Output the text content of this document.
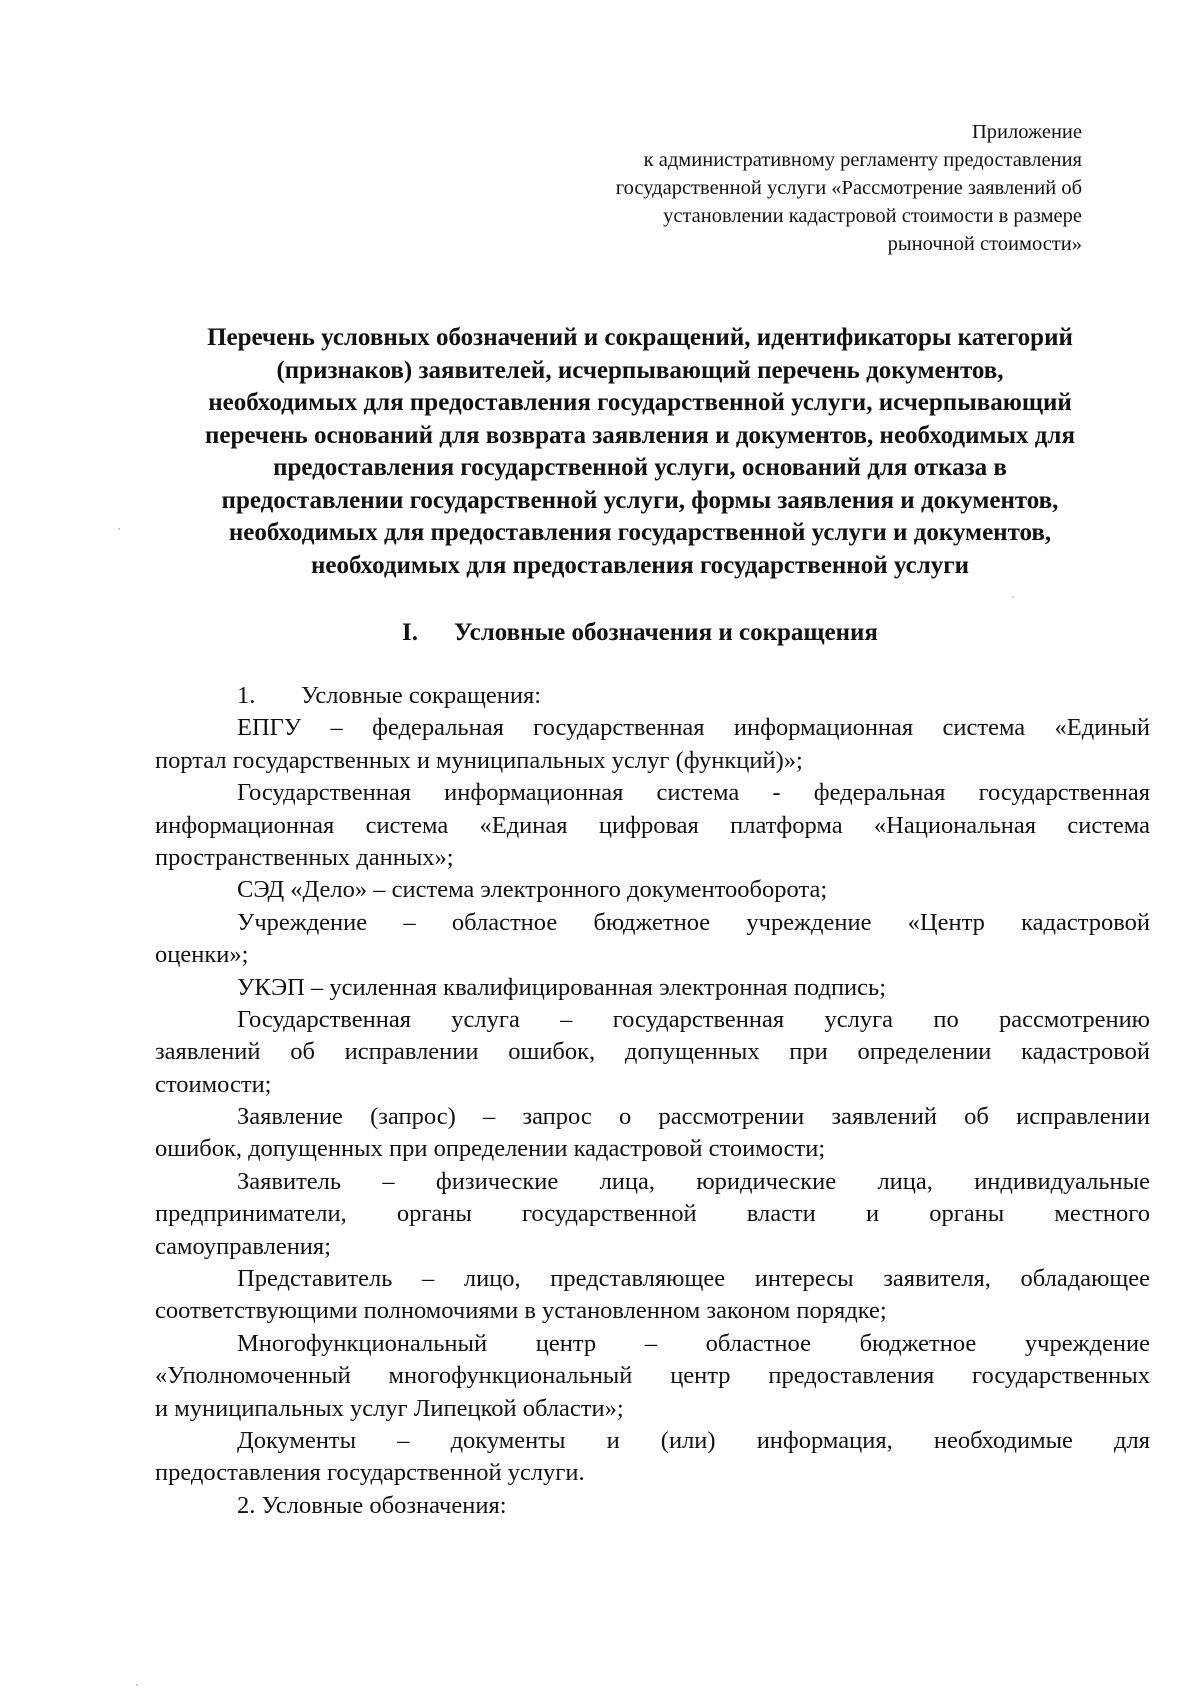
Приложение
к административному регламенту предоставления
государственной услуги «Рассмотрение заявлений об
установлении кадастровой стоимости в размере
рыночной стоимости»
Перечень условных обозначений и сокращений, идентификаторы категорий
(признаков) заявителей, исчерпывающий перечень документов,
необходимых для предоставления государственной услуги, исчерпывающий
перечень оснований для возврата заявления и документов, необходимых для
предоставления государственной услуги, оснований для отказа в
предоставлении государственной услуги, формы заявления и документов,
необходимых для предоставления государственной услуги и документов,
необходимых для предоставления государственной услуги
I. Условные обозначения и сокращения
1. Условные сокращения:
ЕПГУ – федеральная государственная информационная система «Единый
портал государственных и муниципальных услуг (функций)»;
Государственная информационная система - федеральная государственная
информационная система «Единая цифровая платформа «Национальная система
пространственных данных»;
СЭД «Дело» – система электронного документооборота;
Учреждение – областное бюджетное учреждение «Центр кадастровой
оценки»;
УКЭП – усиленная квалифицированная электронная подпись;
Государственная услуга – государственная услуга по рассмотрению
заявлений об исправлении ошибок, допущенных при определении кадастровой
стоимости;
Заявление (запрос) – запрос о рассмотрении заявлений об исправлении
ошибок, допущенных при определении кадастровой стоимости;
Заявитель – физические лица, юридические лица, индивидуальные
предприниматели, органы государственной власти и органы местного
самоуправления;
Представитель – лицо, представляющее интересы заявителя, обладающее
соответствующими полномочиями в установленном законом порядке;
Многофункциональный центр – областное бюджетное учреждение
«Уполномоченный многофункциональный центр предоставления государственных
и муниципальных услуг Липецкой области»;
Документы – документы и (или) информация, необходимые для
предоставления государственной услуги.
2. Условные обозначения:
